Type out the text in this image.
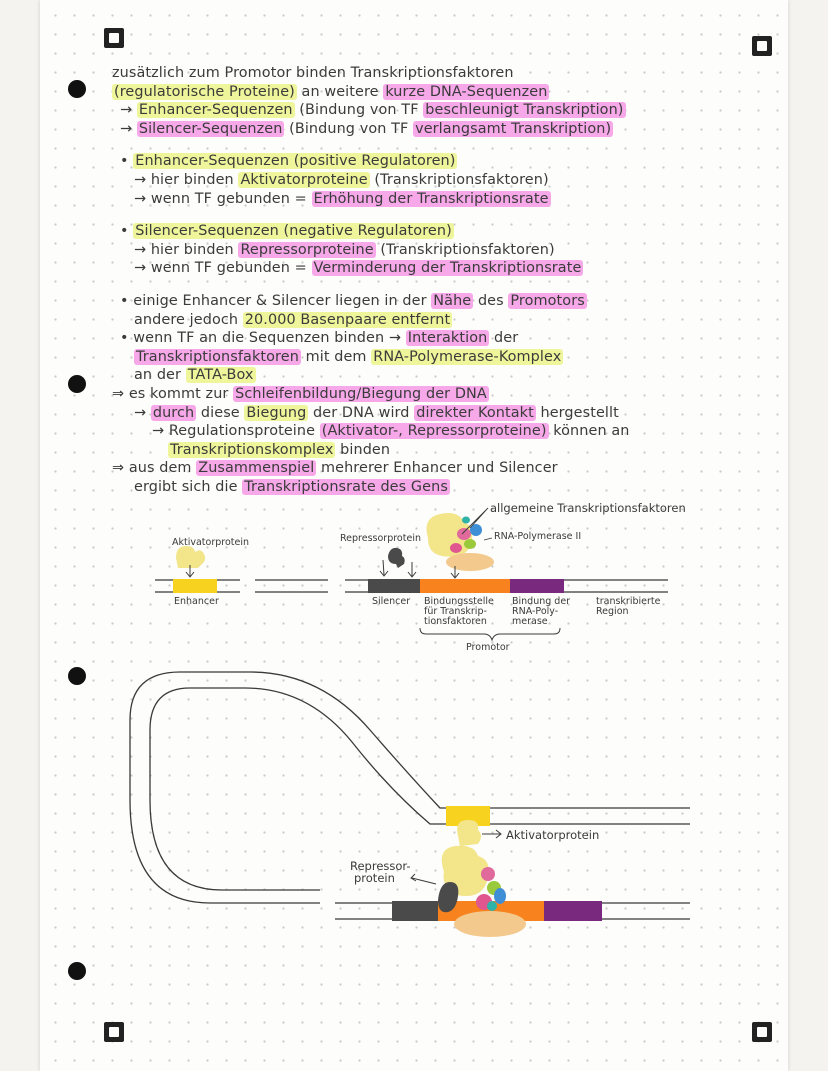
zusätzlich zum Promotor binden Transkriptionsfaktoren
(regulatorische Proteine) an weitere kurze DNA-Sequenzen
→ Enhancer-Sequenzen (Bindung von TF beschleunigt Transkription)
→ Silencer-Sequenzen (Bindung von TF verlangsamt Transkription)
• Enhancer-Sequenzen (positive Regulatoren)
→ hier binden Aktivatorproteine (Transkriptionsfaktoren)
→ wenn TF gebunden = Erhöhung der Transkriptionsrate
• Silencer-Sequenzen (negative Regulatoren)
→ hier binden Repressorproteine (Transkriptionsfaktoren)
→ wenn TF gebunden = Verminderung der Transkriptionsrate
• einige Enhancer & Silencer liegen in der Nähe des Promotors
andere jedoch 20.000 Basenpaare entfernt
• wenn TF an die Sequenzen binden → Interaktion der
Transkriptionsfaktoren mit dem RNA-Polymerase-Komplex
an der TATA-Box
⇒ es kommt zur Schleifenbildung/Biegung der DNA
→ durch diese Biegung der DNA wird direkter Kontakt hergestellt
→ Regulationsproteine (Aktivator-, Repressorproteine) können an
Transkriptionskomplex binden
⇒ aus dem Zusammenspiel mehrerer Enhancer und Silencer
ergibt sich die Transkriptionsrate des Gens
Aktivatorprotein
Enhancer
Repressorprotein
Silencer
allgemeine Transkriptionsfaktoren
RNA-Polymerase II
Bindungsstelle
für Transkrip-
tionsfaktoren
Bindung der
RNA-Poly-
merase
transkribierte
Region
Promotor
Aktivatorprotein
Repressor-
protein
